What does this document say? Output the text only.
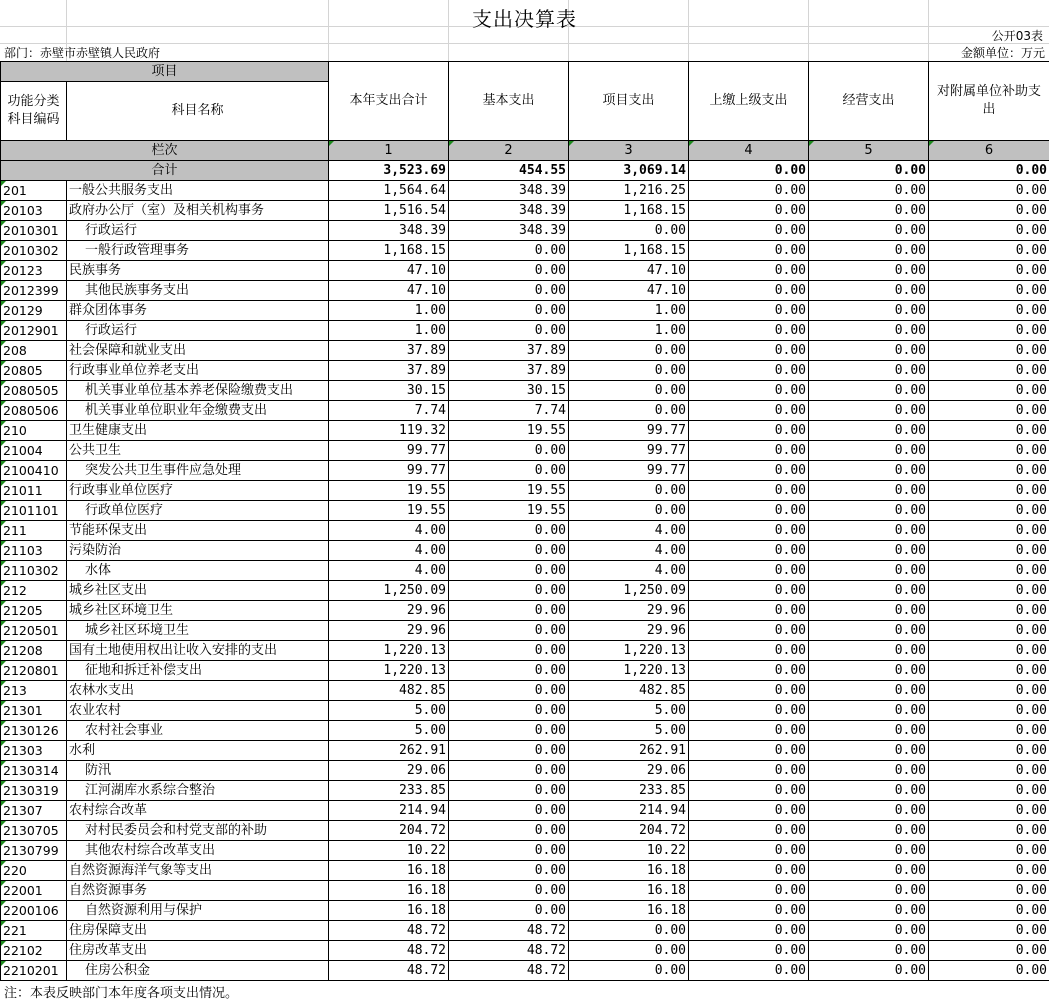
支出决算表
公开03表
部门：赤壁市赤壁镇人民政府	金额单位：万元
项目		本年支出合计	基本支出	项目支出	上缴上级支出	经营支出	对附属单位补助支出
功能分类科目编码	科目名称						
栏次		1	2	3	4	5	6
合计		3,523.69	454.55	3,069.14	0.00	0.00	0.00
201	一般公共服务支出	1,564.64	348.39	1,216.25	0.00	0.00	0.00
20103	政府办公厅（室）及相关机构事务	1,516.54	348.39	1,168.15	0.00	0.00	0.00
2010301	行政运行	348.39	348.39	0.00	0.00	0.00	0.00
2010302	一般行政管理事务	1,168.15	0.00	1,168.15	0.00	0.00	0.00
20123	民族事务	47.10	0.00	47.10	0.00	0.00	0.00
2012399	其他民族事务支出	47.10	0.00	47.10	0.00	0.00	0.00
20129	群众团体事务	1.00	0.00	1.00	0.00	0.00	0.00
2012901	行政运行	1.00	0.00	1.00	0.00	0.00	0.00
208	社会保障和就业支出	37.89	37.89	0.00	0.00	0.00	0.00
20805	行政事业单位养老支出	37.89	37.89	0.00	0.00	0.00	0.00
2080505	机关事业单位基本养老保险缴费支出	30.15	30.15	0.00	0.00	0.00	0.00
2080506	机关事业单位职业年金缴费支出	7.74	7.74	0.00	0.00	0.00	0.00
210	卫生健康支出	119.32	19.55	99.77	0.00	0.00	0.00
21004	公共卫生	99.77	0.00	99.77	0.00	0.00	0.00
2100410	突发公共卫生事件应急处理	99.77	0.00	99.77	0.00	0.00	0.00
21011	行政事业单位医疗	19.55	19.55	0.00	0.00	0.00	0.00
2101101	行政单位医疗	19.55	19.55	0.00	0.00	0.00	0.00
211	节能环保支出	4.00	0.00	4.00	0.00	0.00	0.00
21103	污染防治	4.00	0.00	4.00	0.00	0.00	0.00
2110302	水体	4.00	0.00	4.00	0.00	0.00	0.00
212	城乡社区支出	1,250.09	0.00	1,250.09	0.00	0.00	0.00
21205	城乡社区环境卫生	29.96	0.00	29.96	0.00	0.00	0.00
2120501	城乡社区环境卫生	29.96	0.00	29.96	0.00	0.00	0.00
21208	国有土地使用权出让收入安排的支出	1,220.13	0.00	1,220.13	0.00	0.00	0.00
2120801	征地和拆迁补偿支出	1,220.13	0.00	1,220.13	0.00	0.00	0.00
213	农林水支出	482.85	0.00	482.85	0.00	0.00	0.00
21301	农业农村	5.00	0.00	5.00	0.00	0.00	0.00
2130126	农村社会事业	5.00	0.00	5.00	0.00	0.00	0.00
21303	水利	262.91	0.00	262.91	0.00	0.00	0.00
2130314	防汛	29.06	0.00	29.06	0.00	0.00	0.00
2130319	江河湖库水系综合整治	233.85	0.00	233.85	0.00	0.00	0.00
21307	农村综合改革	214.94	0.00	214.94	0.00	0.00	0.00
2130705	对村民委员会和村党支部的补助	204.72	0.00	204.72	0.00	0.00	0.00
2130799	其他农村综合改革支出	10.22	0.00	10.22	0.00	0.00	0.00
220	自然资源海洋气象等支出	16.18	0.00	16.18	0.00	0.00	0.00
22001	自然资源事务	16.18	0.00	16.18	0.00	0.00	0.00
2200106	自然资源利用与保护	16.18	0.00	16.18	0.00	0.00	0.00
221	住房保障支出	48.72	48.72	0.00	0.00	0.00	0.00
22102	住房改革支出	48.72	48.72	0.00	0.00	0.00	0.00
2210201	住房公积金	48.72	48.72	0.00	0.00	0.00	0.00
注：本表反映部门本年度各项支出情况。
